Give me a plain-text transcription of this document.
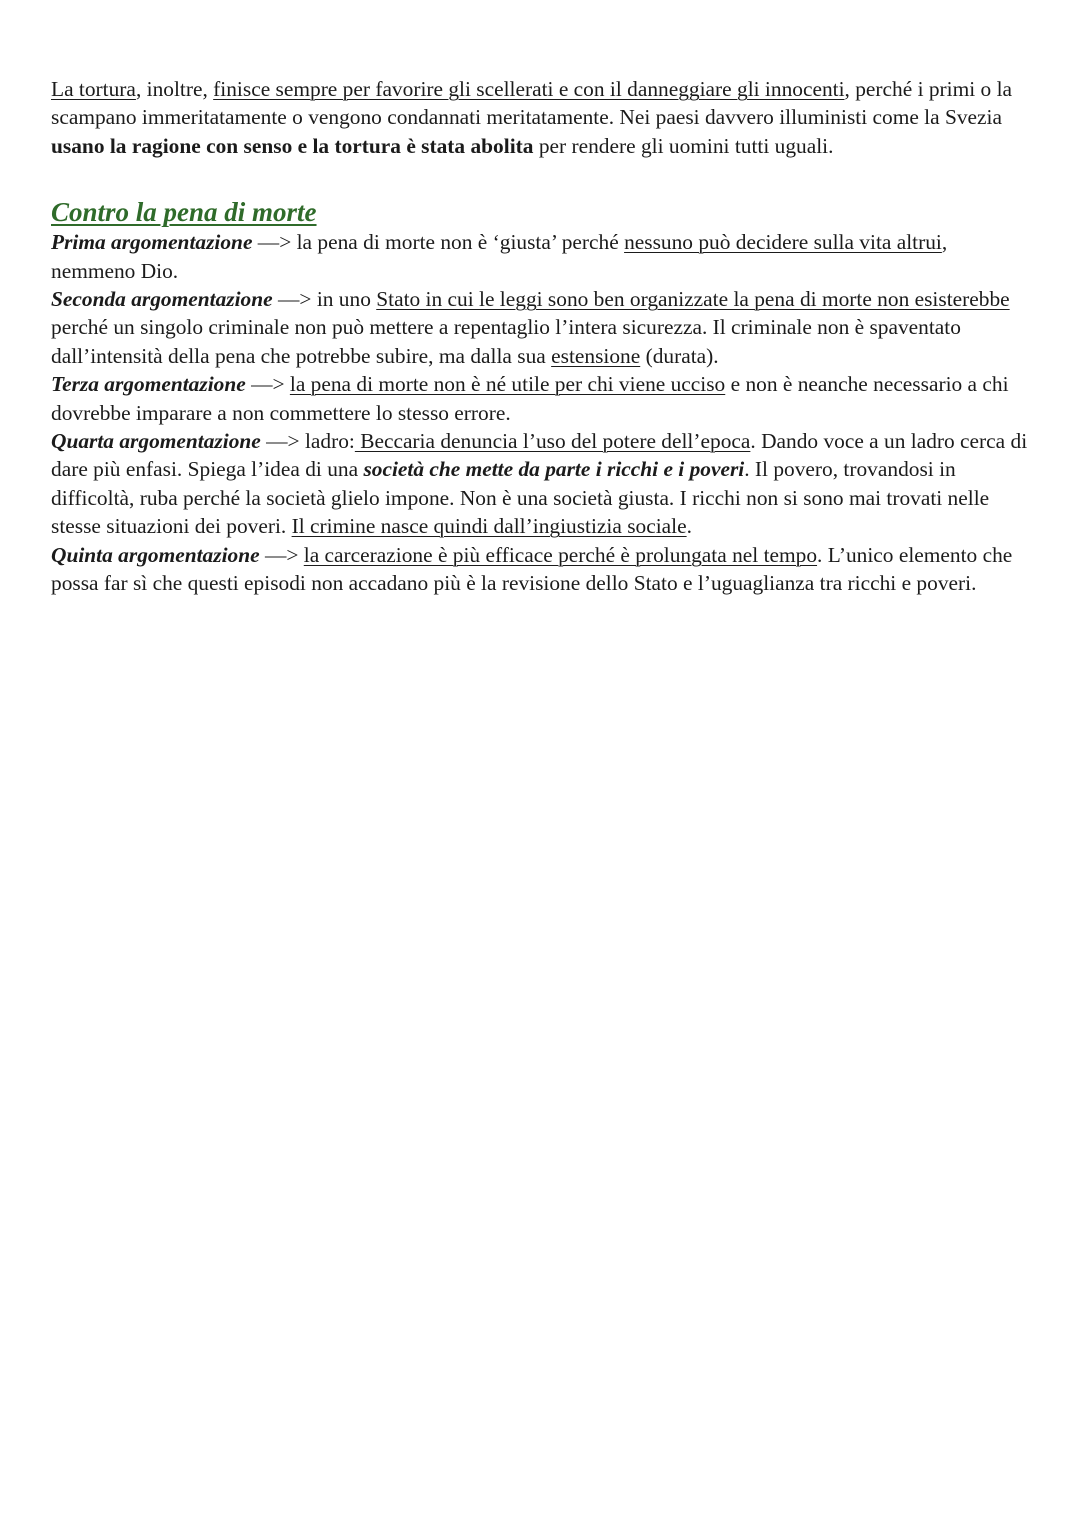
La tortura, inoltre, finisce sempre per favorire gli scellerati e con il danneggiare gli innocenti, perché i primi o la scampano immeritatamente o vengono condannati meritatamente. Nei paesi davvero illuministi come la Svezia usano la ragione con senso e la tortura è stata abolita per rendere gli uomini tutti uguali.

Contro la pena di morte

Prima argomentazione —> la pena di morte non è ‘giusta’ perché nessuno può decidere sulla vita altrui, nemmeno Dio.

Seconda argomentazione —> in uno Stato in cui le leggi sono ben organizzate la pena di morte non esisterebbe perché un singolo criminale non può mettere a repentaglio l’intera sicurezza. Il criminale non è spaventato dall’intensità della pena che potrebbe subire, ma dalla sua estensione (durata).

Terza argomentazione —> la pena di morte non è né utile per chi viene ucciso e non è neanche necessario a chi dovrebbe imparare a non commettere lo stesso errore.

Quarta argomentazione —> ladro: Beccaria denuncia l’uso del potere dell’epoca. Dando voce a un ladro cerca di dare più enfasi. Spiega l’idea di una società che mette da parte i ricchi e i poveri. Il povero, trovandosi in difficoltà, ruba perché la società glielo impone. Non è una società giusta. I ricchi non si sono mai trovati nelle stesse situazioni dei poveri. Il crimine nasce quindi dall’ingiustizia sociale.

Quinta argomentazione —> la carcerazione è più efficace perché è prolungata nel tempo. L’unico elemento che possa far sì che questi episodi non accadano più è la revisione dello Stato e l’uguaglianza tra ricchi e poveri.
